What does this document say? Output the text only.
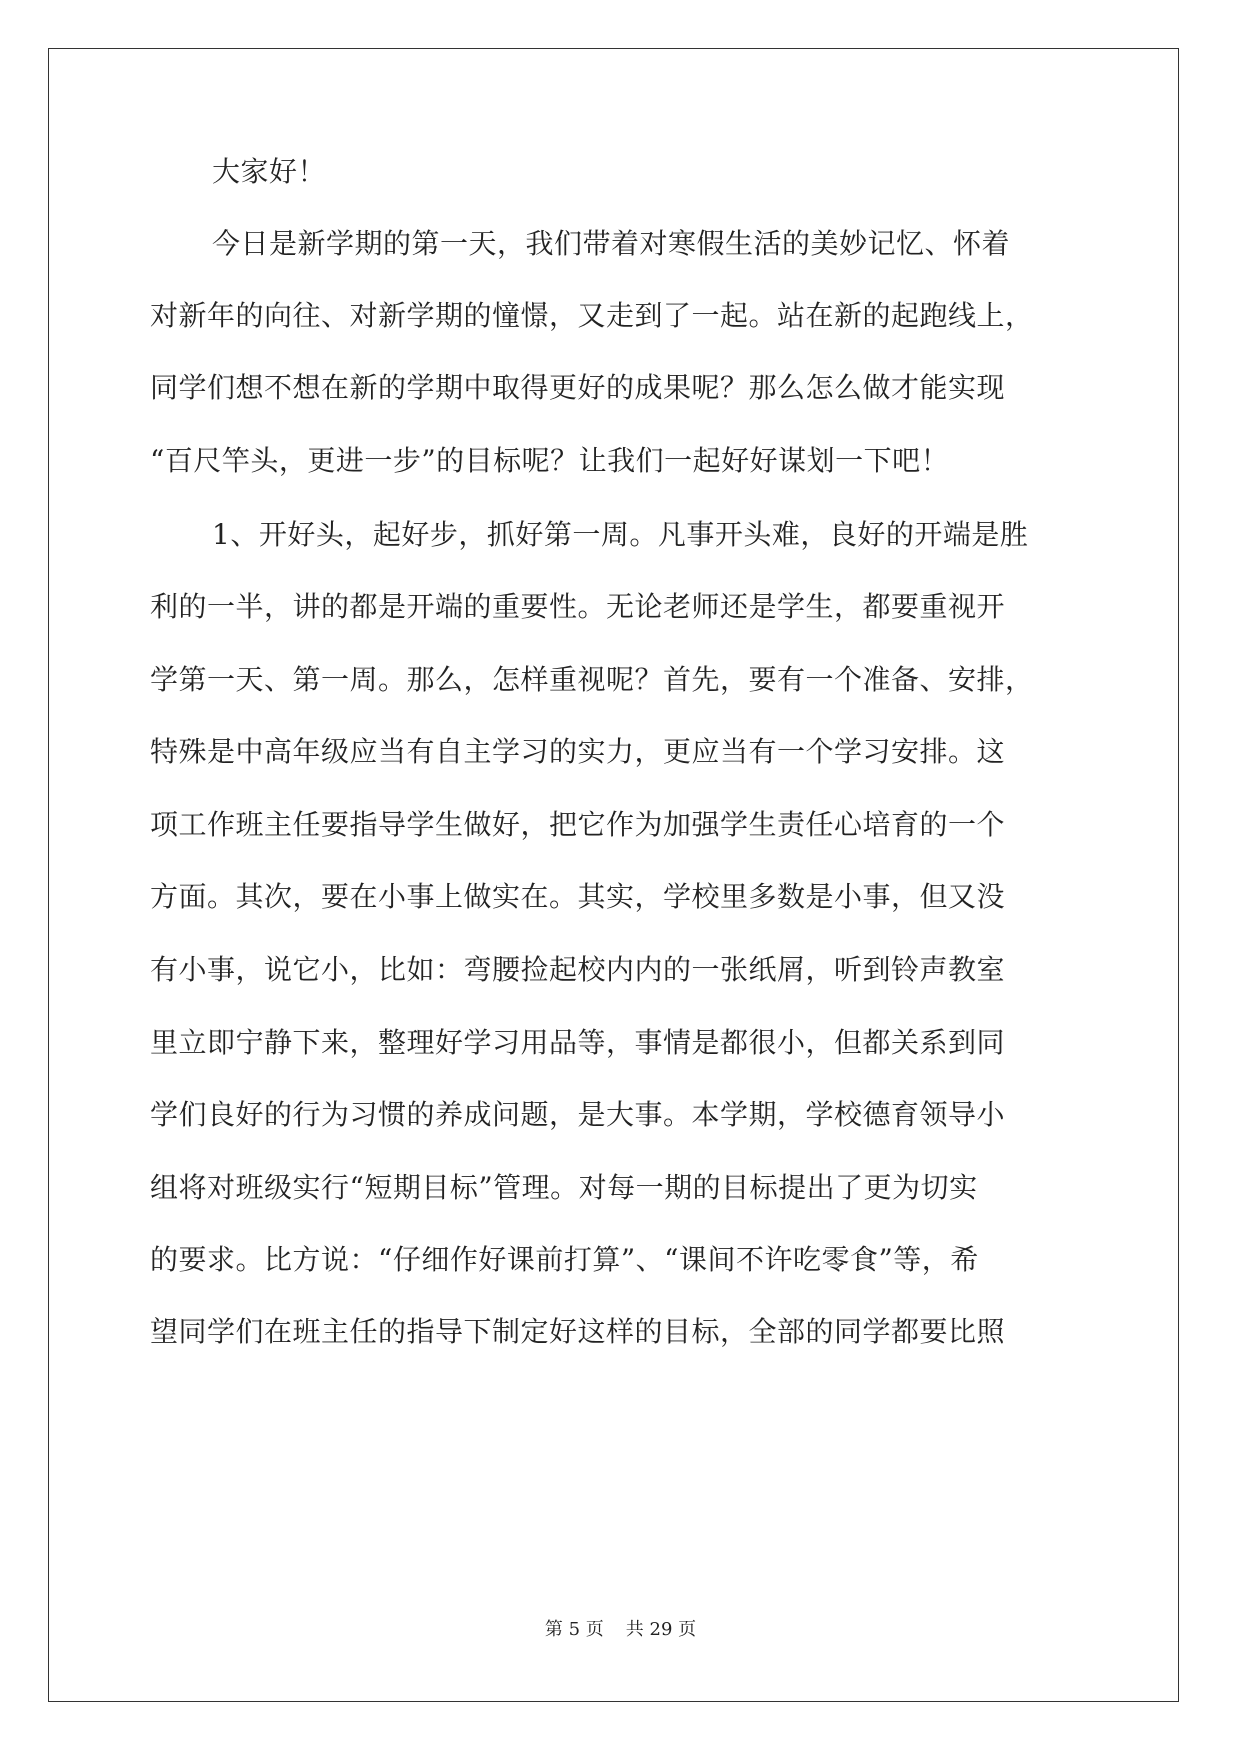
大家好！
今日是新学期的第一天，我们带着对寒假生活的美妙记忆、怀着
对新年的向往、对新学期的憧憬，又走到了一起。站在新的起跑线上，
同学们想不想在新的学期中取得更好的成果呢？那么怎么做才能实现
“百尺竿头，更进一步”的目标呢？让我们一起好好谋划一下吧！
1、开好头，起好步，抓好第一周。凡事开头难，良好的开端是胜
利的一半，讲的都是开端的重要性。无论老师还是学生，都要重视开
学第一天、第一周。那么，怎样重视呢？首先，要有一个准备、安排，
特殊是中高年级应当有自主学习的实力，更应当有一个学习安排。这
项工作班主任要指导学生做好，把它作为加强学生责任心培育的一个
方面。其次，要在小事上做实在。其实，学校里多数是小事，但又没
有小事，说它小，比如：弯腰捡起校内内的一张纸屑，听到铃声教室
里立即宁静下来，整理好学习用品等，事情是都很小，但都关系到同
学们良好的行为习惯的养成问题，是大事。本学期，学校德育领导小
组将对班级实行“短期目标”管理。对每一期的目标提出了更为切实
的要求。比方说：“仔细作好课前打算”、“课间不许吃零食”等，希
望同学们在班主任的指导下制定好这样的目标，全部的同学都要比照
第 5 页 共 29 页
